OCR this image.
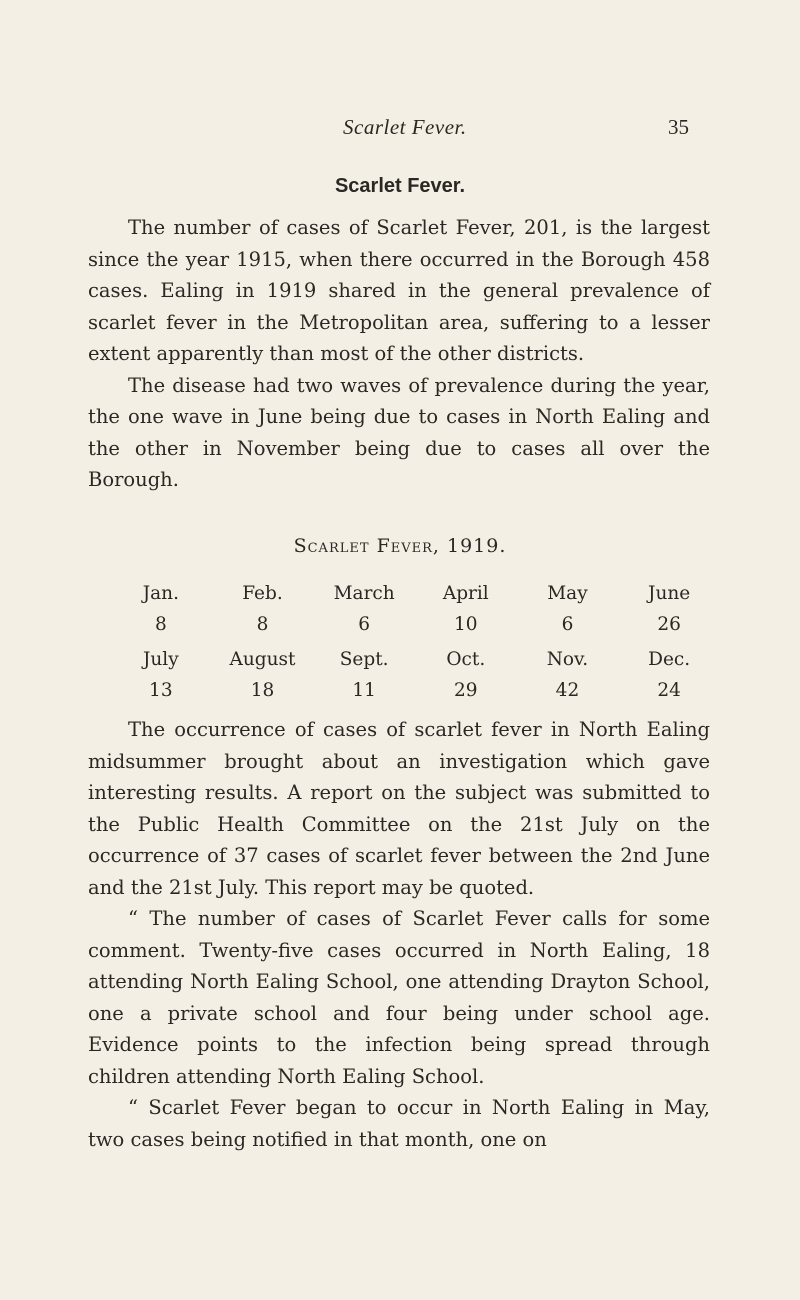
Scarlet Fever.	35
Scarlet Fever.

The number of cases of Scarlet Fever, 201, is the largest since the year 1915, when there occurred in the Borough 458 cases. Ealing in 1919 shared in the general prevalence of scarlet fever in the Metropolitan area, suffering to a lesser extent apparently than most of the other districts.

The disease had two waves of prevalence during the year, the one wave in June being due to cases in North Ealing and the other in November being due to cases all over the Borough.

Scarlet Fever, 1919.
Jan.	Feb.	March	April	May	June
8	8	6	10	6	26
July	August	Sept.	Oct.	Nov.	Dec.
13	18	11	29	42	24

The occurrence of cases of scarlet fever in North Ealing midsummer brought about an investigation which gave interesting results. A report on the subject was submitted to the Public Health Committee on the 21st July on the occurrence of 37 cases of scarlet fever between the 2nd June and the 21st July. This report may be quoted.

“ The number of cases of Scarlet Fever calls for some comment. Twenty-five cases occurred in North Ealing, 18 attending North Ealing School, one attending Drayton School, one a private school and four being under school age. Evidence points to the infection being spread through children attending North Ealing School.

“ Scarlet Fever began to occur in North Ealing in May, two cases being notified in that month, one on
